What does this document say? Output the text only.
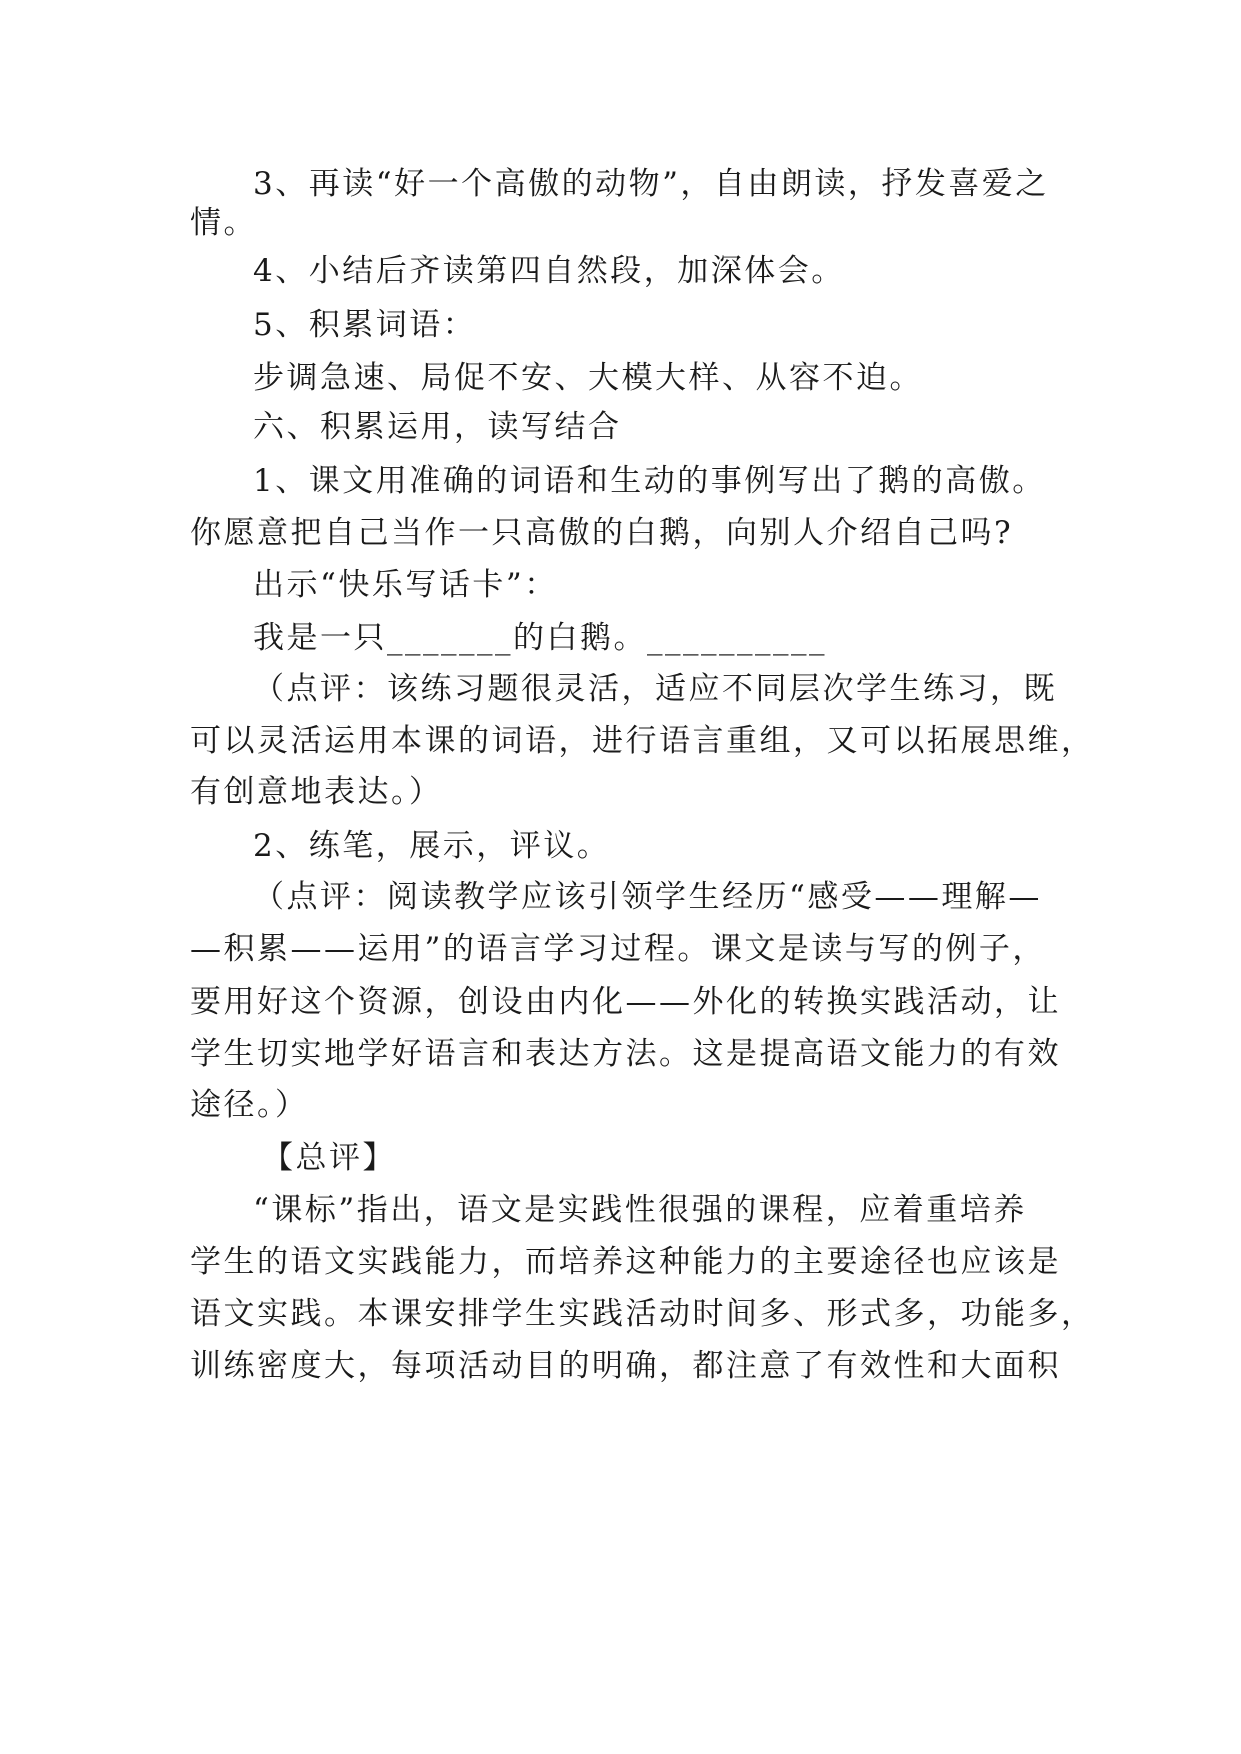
3、再读“好一个高傲的动物”，自由朗读，抒发喜爱之
情。
4、小结后齐读第四自然段，加深体会。
5、积累词语：
步调急速、局促不安、大模大样、从容不迫。
六、积累运用，读写结合
1、课文用准确的词语和生动的事例写出了鹅的高傲。
你愿意把自己当作一只高傲的白鹅，向别人介绍自己吗?
出示“快乐写话卡”：
我是一只_______的白鹅。__________
（点评：该练习题很灵活，适应不同层次学生练习，既
可以灵活运用本课的词语，进行语言重组，又可以拓展思维，
有创意地表达。）
2、练笔，展示，评议。
（点评：阅读教学应该引领学生经历“感受——理解—
—积累——运用”的语言学习过程。课文是读与写的例子，
要用好这个资源，创设由内化——外化的转换实践活动，让
学生切实地学好语言和表达方法。这是提高语文能力的有效
途径。）
【总评】
“课标”指出，语文是实践性很强的课程，应着重培养
学生的语文实践能力，而培养这种能力的主要途径也应该是
语文实践。本课安排学生实践活动时间多、形式多，功能多，
训练密度大，每项活动目的明确，都注意了有效性和大面积
